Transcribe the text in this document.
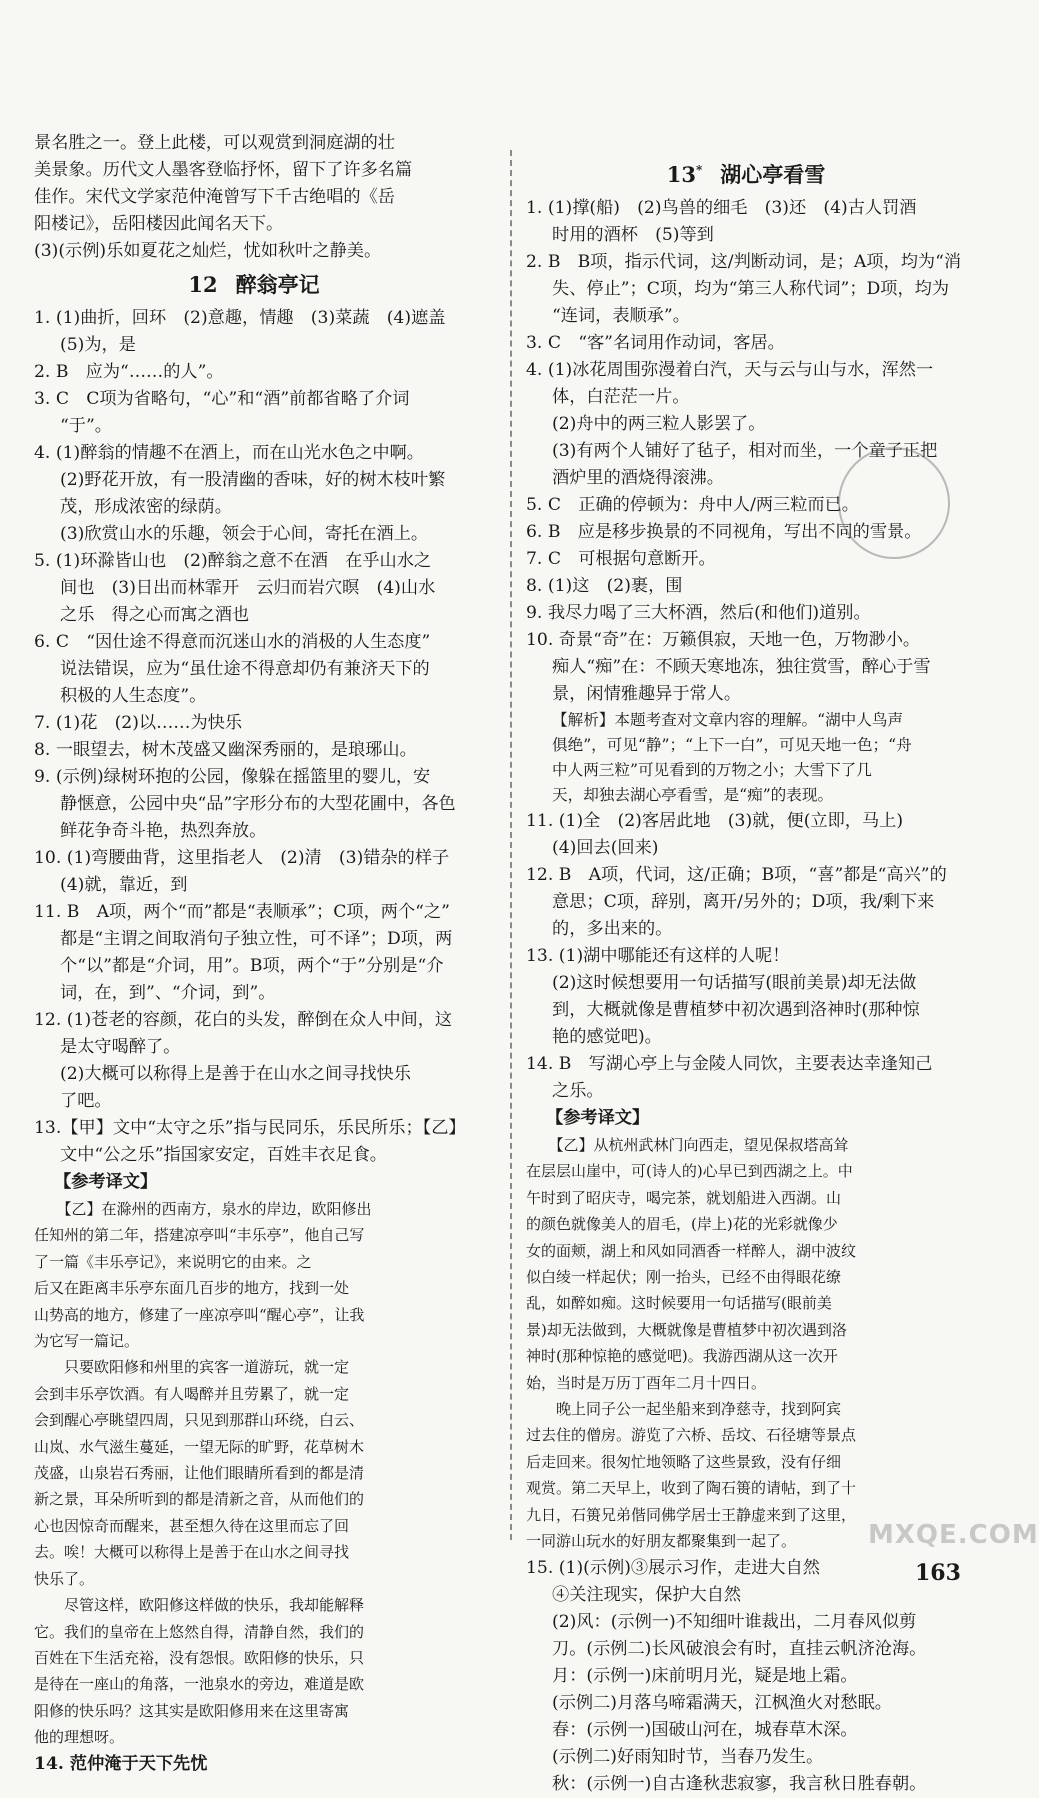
景名胜之一。登上此楼，可以观赏到洞庭湖的壮
美景象。历代文人墨客登临抒怀，留下了许多名篇
佳作。宋代文学家范仲淹曾写下千古绝唱的《岳
阳楼记》，岳阳楼因此闻名天下。
(3)(示例)乐如夏花之灿烂，忧如秋叶之静美。
12 醉翁亭记
1. (1)曲折，回环　(2)意趣，情趣　(3)菜蔬　(4)遮盖
(5)为，是
2. B　应为“……的人”。
3. C　C项为省略句，“心”和“酒”前都省略了介词
“于”。
4. (1)醉翁的情趣不在酒上，而在山光水色之中啊。
(2)野花开放，有一股清幽的香味，好的树木枝叶繁
茂，形成浓密的绿荫。
(3)欣赏山水的乐趣，领会于心间，寄托在酒上。
5. (1)环滁皆山也　(2)醉翁之意不在酒　在乎山水之
间也　(3)日出而林霏开　云归而岩穴暝　(4)山水
之乐　得之心而寓之酒也
6. C　“因仕途不得意而沉迷山水的消极的人生态度”
说法错误，应为“虽仕途不得意却仍有兼济天下的
积极的人生态度”。
7. (1)花　(2)以……为快乐
8. 一眼望去，树木茂盛又幽深秀丽的，是琅琊山。
9. (示例)绿树环抱的公园，像躲在摇篮里的婴儿，安
静惬意，公园中央“品”字形分布的大型花圃中，各色
鲜花争奇斗艳，热烈奔放。
10. (1)弯腰曲背，这里指老人　(2)清　(3)错杂的样子
(4)就，靠近，到
11. B　A项，两个“而”都是“表顺承”；C项，两个“之”
都是“主谓之间取消句子独立性，可不译”；D项，两
个“以”都是“介词，用”。B项，两个“于”分别是“介
词，在，到”、“介词，到”。
12. (1)苍老的容颜，花白的头发，醉倒在众人中间，这
是太守喝醉了。
(2)大概可以称得上是善于在山水之间寻找快乐
了吧。
13.【甲】文中“太守之乐”指与民同乐，乐民所乐；【乙】
文中“公之乐”指国家安定，百姓丰衣足食。
【参考译文】
　　【乙】在滁州的西南方，泉水的岸边，欧阳修出
任知州的第二年，搭建凉亭叫“丰乐亭”，他自己写
了一篇《丰乐亭记》，来说明它的由来。之
后又在距离丰乐亭东面几百步的地方，找到一处
山势高的地方，修建了一座凉亭叫“醒心亭”，让我
为它写一篇记。
　　只要欧阳修和州里的宾客一道游玩，就一定
会到丰乐亭饮酒。有人喝醉并且劳累了，就一定
会到醒心亭眺望四周，只见到那群山环绕，白云、
山岚、水气滋生蔓延，一望无际的旷野，花草树木
茂盛，山泉岩石秀丽，让他们眼睛所看到的都是清
新之景，耳朵所听到的都是清新之音，从而他们的
心也因惊奇而醒来，甚至想久待在这里而忘了回
去。唉！大概可以称得上是善于在山水之间寻找
快乐了。
　　尽管这样，欧阳修这样做的快乐，我却能解释
它。我们的皇帝在上悠然自得，清静自然，我们的
百姓在下生活充裕，没有怨恨。欧阳修的快乐，只
是待在一座山的角落，一池泉水的旁边，难道是欧
阳修的快乐吗？这其实是欧阳修用来在这里寄寓
他的理想呀。
14. 范仲淹于天下先忧
13* 湖心亭看雪
1. (1)撑(船)　(2)鸟兽的细毛　(3)还　(4)古人罚酒
时用的酒杯　(5)等到
2. B　B项，指示代词，这/判断动词，是；A项，均为“消
失、停止”；C项，均为“第三人称代词”；D项，均为
“连词，表顺承”。
3. C　“客”名词用作动词，客居。
4. (1)冰花周围弥漫着白汽，天与云与山与水，浑然一
体，白茫茫一片。
(2)舟中的两三粒人影罢了。
(3)有两个人铺好了毡子，相对而坐，一个童子正把
酒炉里的酒烧得滚沸。
5. C　正确的停顿为：舟中人/两三粒而已。
6. B　应是移步换景的不同视角，写出不同的雪景。
7. C　可根据句意断开。
8. (1)这　(2)裹，围
9. 我尽力喝了三大杯酒，然后(和他们)道别。
10. 奇景“奇”在：万籁俱寂，天地一色，万物渺小。
痴人“痴”在：不顾天寒地冻，独往赏雪，醉心于雪
景，闲情雅趣异于常人。
【解析】本题考查对文章内容的理解。“湖中人鸟声
俱绝”，可见“静”；“上下一白”，可见天地一色；“舟
中人两三粒”可见看到的万物之小；大雪下了几
天，却独去湖心亭看雪，是“痴”的表现。
11. (1)全　(2)客居此地　(3)就，便(立即，马上)
(4)回去(回来)
12. B　A项，代词，这/正确；B项，“喜”都是“高兴”的
意思；C项，辞别，离开/另外的；D项，我/剩下来
的，多出来的。
13. (1)湖中哪能还有这样的人呢！
(2)这时候想要用一句话描写(眼前美景)却无法做
到，大概就像是曹植梦中初次遇到洛神时(那种惊
艳的感觉吧)。
14. B　写湖心亭上与金陵人同饮，主要表达幸逢知己
之乐。
【参考译文】
　　【乙】从杭州武林门向西走，望见保叔塔高耸
在层层山崖中，可(诗人的)心早已到西湖之上。中
午时到了昭庆寺，喝完茶，就划船进入西湖。山
的颜色就像美人的眉毛，(岸上)花的光彩就像少
女的面颊，湖上和风如同酒香一样醉人，湖中波纹
似白绫一样起伏；刚一抬头，已经不由得眼花缭
乱，如醉如痴。这时候要用一句话描写(眼前美
景)却无法做到，大概就像是曹植梦中初次遇到洛
神时(那种惊艳的感觉吧)。我游西湖从这一次开
始，当时是万历丁酉年二月十四日。
　　晚上同子公一起坐船来到净慈寺，找到阿宾
过去住的僧房。游览了六桥、岳坟、石径塘等景点
后走回来。很匆忙地领略了这些景致，没有仔细
观赏。第二天早上，收到了陶石篑的请帖，到了十
九日，石篑兄弟偕同佛学居士王静虚来到了这里，
一同游山玩水的好朋友都聚集到一起了。
15. (1)(示例)③展示习作，走进大自然
④关注现实，保护大自然
(2)风：(示例一)不知细叶谁裁出，二月春风似剪
刀。(示例二)长风破浪会有时，直挂云帆济沧海。
月：(示例一)床前明月光，疑是地上霜。
(示例二)月落乌啼霜满天，江枫渔火对愁眠。
春：(示例一)国破山河在，城春草木深。
(示例二)好雨知时节，当春乃发生。
秋：(示例一)自古逢秋悲寂寥，我言秋日胜春朝。
MXQE.COM
163
